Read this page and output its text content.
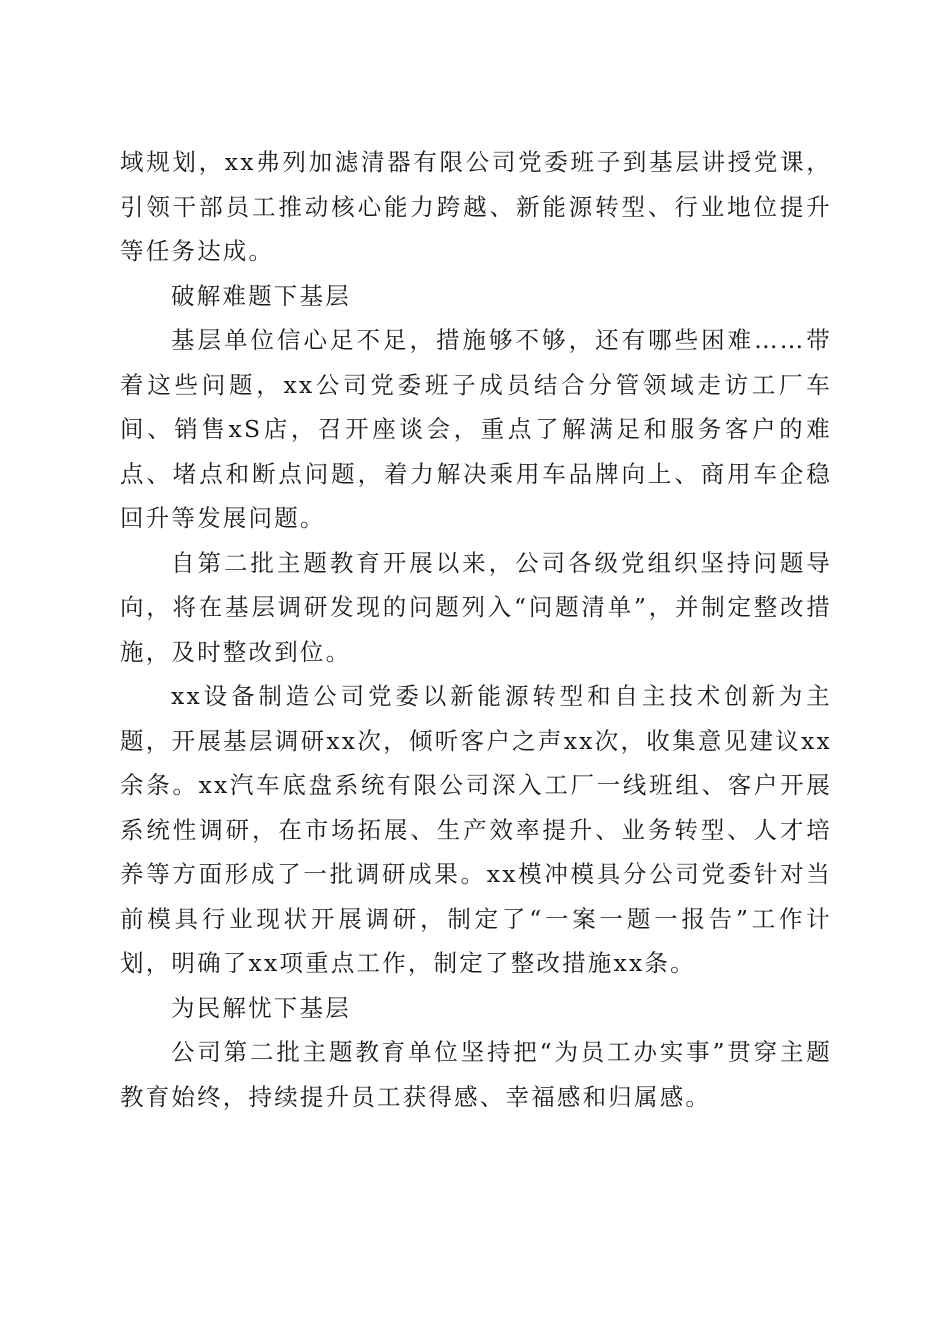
域规划，xx弗列加滤清器有限公司党委班子到基层讲授党课，引领干部员工推动核心能力跨越、新能源转型、行业地位提升等任务达成。

破解难题下基层

基层单位信心足不足，措施够不够，还有哪些困难……带着这些问题，xx公司党委班子成员结合分管领域走访工厂车间、销售xS店，召开座谈会，重点了解满足和服务客户的难点、堵点和断点问题，着力解决乘用车品牌向上、商用车企稳回升等发展问题。

自第二批主题教育开展以来，公司各级党组织坚持问题导向，将在基层调研发现的问题列入“问题清单”，并制定整改措施，及时整改到位。

xx设备制造公司党委以新能源转型和自主技术创新为主题，开展基层调研xx次，倾听客户之声xx次，收集意见建议xx余条。xx汽车底盘系统有限公司深入工厂一线班组、客户开展系统性调研，在市场拓展、生产效率提升、业务转型、人才培养等方面形成了一批调研成果。xx模冲模具分公司党委针对当前模具行业现状开展调研，制定了“一案一题一报告”工作计划，明确了xx项重点工作，制定了整改措施xx条。

为民解忧下基层

公司第二批主题教育单位坚持把“为员工办实事”贯穿主题教育始终，持续提升员工获得感、幸福感和归属感。
